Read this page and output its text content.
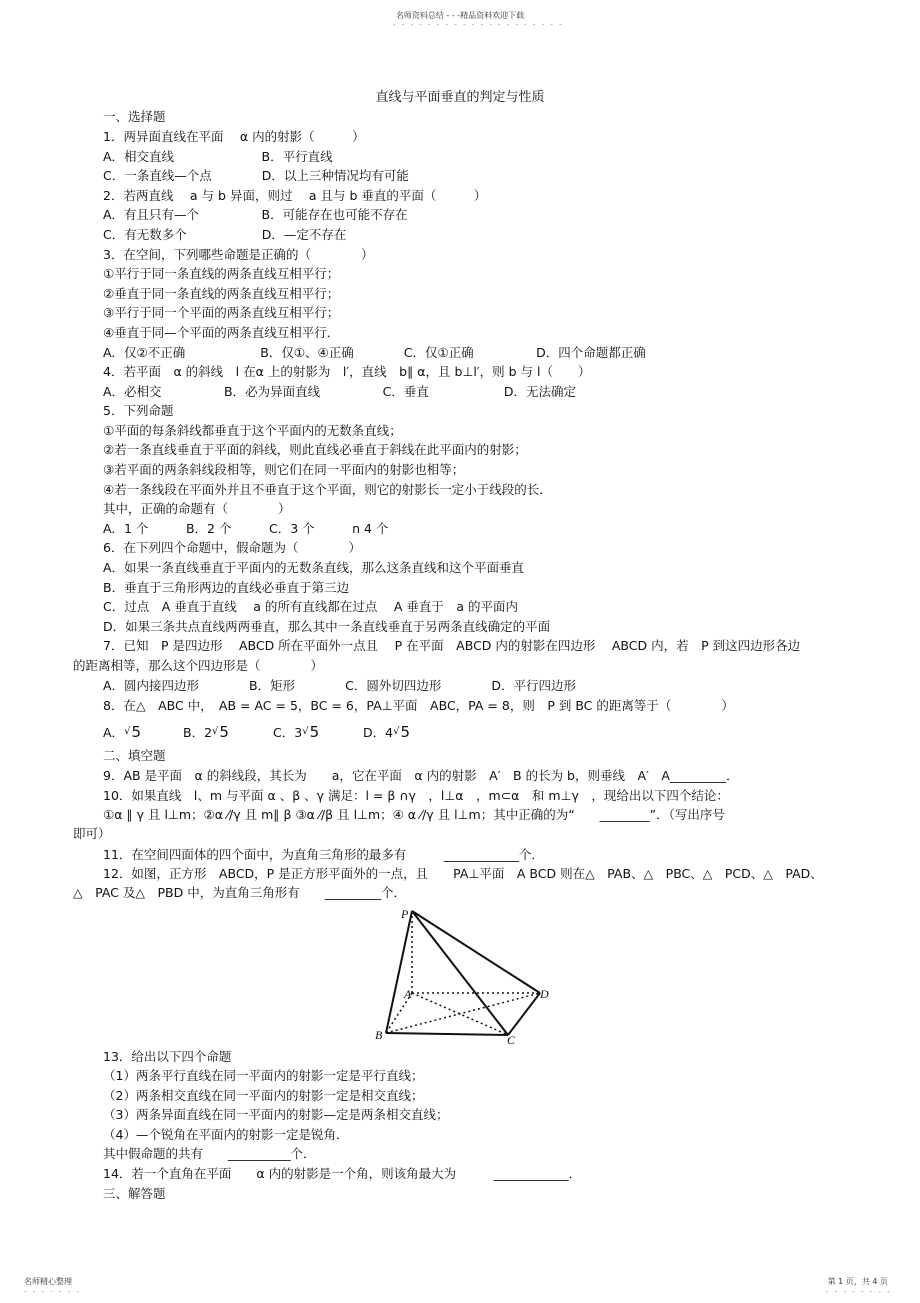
名师资料总结 - - -精品资料欢迎下载
- - - - - - - - - - - - - - - - - - - -
直线与平面垂直的判定与性质
一、选择题
1．两异面直线在平面　 α 内的射影（　　　）
A．相交直线　　　　　　　B．平行直线
C．一条直线—个点　　　　D．以上三种情况均有可能
2．若两直线　 a 与 b 异面，则过　 a 且与 b 垂直的平面（　　　）
A．有且只有—个　　　　　B．可能存在也可能不存在
C．有无数多个　　　　　　D．—定不存在
3．在空间，下列哪些命题是正确的（　　　　）
①平行于同一条直线的两条直线互相平行；
②垂直于同一条直线的两条直线互相平行；
③平行于同一个平面的两条直线互相平行；
④垂直于同—个平面的两条直线互相平行．
A．仅②不正确　　　　　　B．仅①、④正确　　　　C．仅①正确　　　　　D．四个命题都正确
4．若平面　α 的斜线　l 在α 上的射影为　l′，直线　b∥ α，且 b⊥l′，则 b 与 l（　　）
A．必相交　　　　　B．必为异面直线　　　　　C．垂直　　　　　　D．无法确定
5．下列命题
①平面的每条斜线都垂直于这个平面内的无数条直线；
②若一条直线垂直于平面的斜线，则此直线必垂直于斜线在此平面内的射影；
③若平面的两条斜线段相等，则它们在同一平面内的射影也相等；
④若一条线段在平面外并且不垂直于这个平面，则它的射影长一定小于线段的长．
其中，正确的命题有（　　　　）
A．1 个　　　B．2 个　　　C．3 个　　　n 4 个
6．在下列四个命题中，假命题为（　　　　）
A．如果一条直线垂直于平面内的无数条直线，那么这条直线和这个平面垂直
B．垂直于三角形两边的直线必垂直于第三边
C．过点　A 垂直于直线　 a 的所有直线都在过点　 A 垂直于　a 的平面内
D．如果三条共点直线两两垂直，那么其中一条直线垂直于另两条直线确定的平面
7．已知　P 是四边形　 ABCD 所在平面外一点且　 P 在平面　ABCD 内的射影在四边形　 ABCD 内，若　P 到这四边形各边
的距离相等，那么这个四边形是（　　　　）
A．圆内接四边形　　　　B．矩形　　　　C．圆外切四边形　　　　D．平行四边形
8．在△　ABC 中，　AB = AC = 5，BC = 6，PA⊥平面　ABC，PA = 8，则　P 到 BC 的距离等于（　　　　）
A．√5	B．2√5	C．3√5	D．4√5
二、填空题
9．AB 是平面　α 的斜线段，其长为　　a，它在平面　α 内的射影　A′　B 的长为 b，则垂线　A′　A_________．
10．如果直线　l、m 与平面 α 、β 、γ 满足：l = β ∩γ　，l⊥α　，m⊂α　和 m⊥γ　，现给出以下四个结论：
①α ∥ γ 且 l⊥m；②α ⁄∕γ 且 m∥ β ③α ⁄∕β 且 l⊥m；④ α ⁄∕γ 且 l⊥m；其中正确的为“　　________”．（写出序号
即可）
11．在空间四面体的四个面中，为直角三角形的最多有　　　____________个．
12．如图，正方形　ABCD，P 是正方形平面外的一点，且　　PA⊥平面　A BCD 则在△　PAB、△　PBC、△　PCD、△　PAD、
△　PAC 及△　PBD 中，为直角三角形有　　_________个．
P
A	D
B	C
13．给出以下四个命题
（1）两条平行直线在同一平面内的射影一定是平行直线；
（2）两条相交直线在同一平面内的射影一定是相交直线；
（3）两条异面直线在同一平面内的射影—定是两条相交直线；
（4）—个锐角在平面内的射影一定是锐角．
其中假命题的共有　　__________个．
14．若一个直角在平面　　α 内的射影是一个角，则该角最大为　　　____________．
三、解答题
名师精心整理	第 1 页，共 4 页
- - - - - - -	- - - - - - - -
